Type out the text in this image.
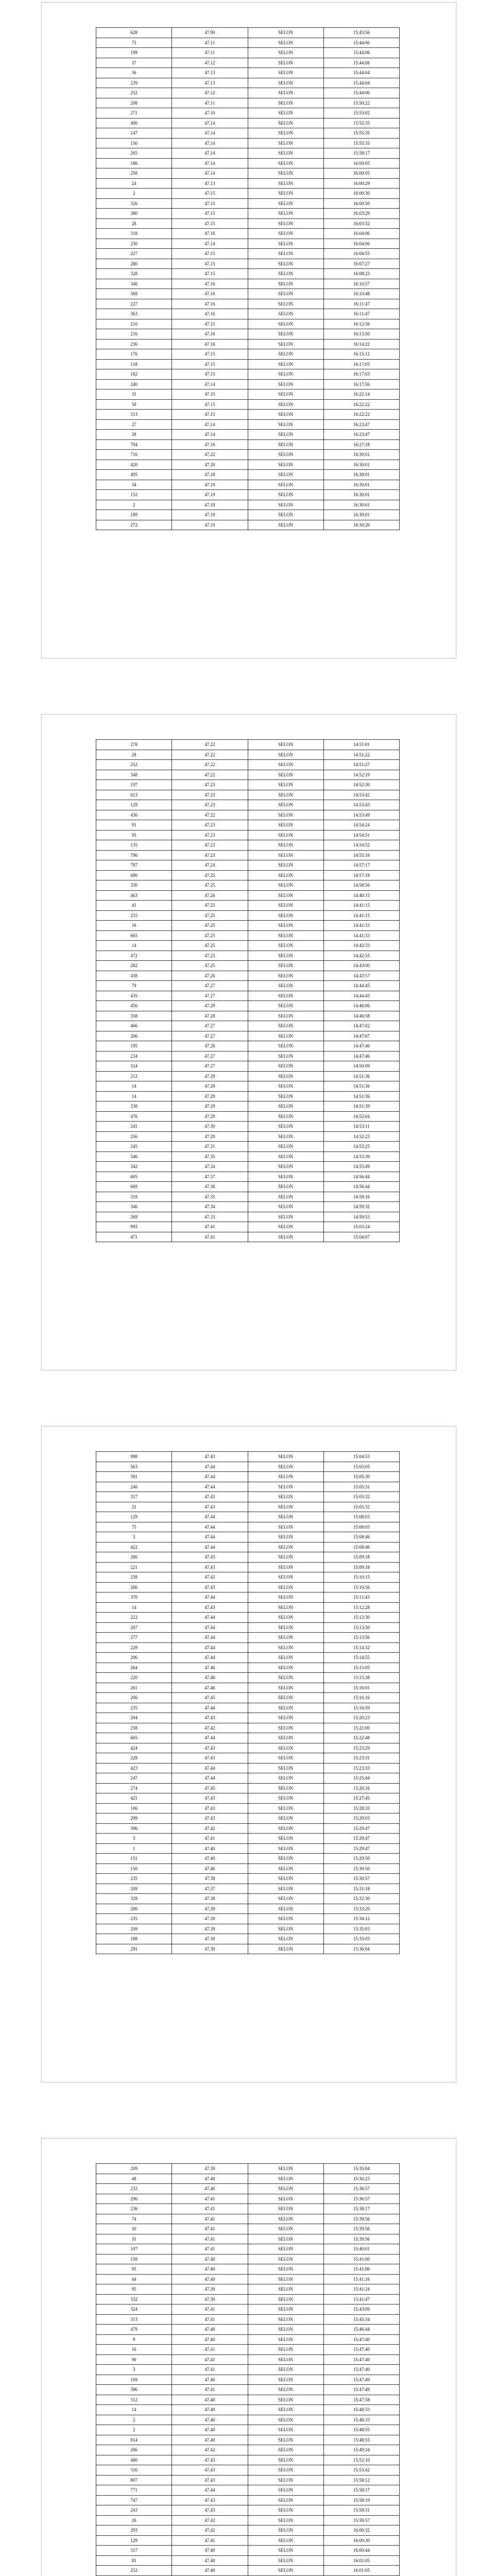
628	47.90	SELON	15:43:56
75	47.11	SELON	15:44:06
199	47.11	SELON	15:44:06
37	47.12	SELON	15:44:08
36	47.13	SELON	15:44:04
239	47.13	SELON	15:44:04
252	47.12	SELON	15:44:06
208	47.11	SELON	15:50:22
271	47.10	SELON	15:55:02
490	47.14	SELON	15:55:35
147	47.14	SELON	15:55:35
156	47.14	SELON	15:55:35
265	47.14	SELON	15:58:17
186	47.14	SELON	16:00:05
258	47.14	SELON	16:00:05
24	47.13	SELON	16:00:29
2	47.15	SELON	16:00:30
326	47.15	SELON	16:00:50
380	47.15	SELON	16:03:29
28	47.15	SELON	16:03:32
318	47.16	SELON	16:04:06
250	47.14	SELON	16:04:06
227	47.15	SELON	16:04:55
280	47.15	SELON	16:07:27
328	47.15	SELON	16:08:23
340	47.16	SELON	16:10:57
369	47.16	SELON	16:10:48
227	47.16	SELON	16:11:47
363	47.16	SELON	16:11:47
210	47.15	SELON	16:12:56
216	47.16	SELON	16:13:50
236	47.16	SELON	16:14:22
176	47.15	SELON	16:15:12
118	47.15	SELON	16:17:03
182	47.15	SELON	16:17:03
240	47.14	SELON	16:17:56
31	47.15	SELON	16:22:14
58	47.15	SELON	16:22:22
313	47.15	SELON	16:22:22
27	47.14	SELON	16:23:47
28	47.14	SELON	16:23:47
794	47.16	SELON	16:27:18
716	47.22	SELON	16:30:01
420	47.20	SELON	16:30:01
495	47.18	SELON	16:30:01
34	47.19	SELON	16:30:01
152	47.19	SELON	16:30:01
2	47.19	SELON	16:30:01
189	47.19	SELON	16:30:01
272	47.19	SELON	16:30:20
278	47.22	SELON	14:51:01
28	47.22	SELON	14:51:22
252	47.22	SELON	14:51:27
348	47.22	SELON	14:52:19
197	47.23	SELON	14:52:30
613	47.23	SELON	14:53:42
129	47.23	SELON	14:53:43
436	47.22	SELON	14:53:49
91	47.23	SELON	14:54:24
95	47.23	SELON	14:54:51
135	47.23	SELON	14:54:52
796	47.23	SELON	14:55:16
797	47.24	SELON	14:57:17
690	47.25	SELON	14:57:18
330	47.25	SELON	14:58:56
463	47.26	SELON	14:40:15
41	47.25	SELON	14:41:15
255	47.25	SELON	14:41:15
16	47.25	SELON	14:41:33
665	47.25	SELON	14:41:33
14	47.25	SELON	14:42:33
472	47.25	SELON	14:42:55
282	47.25	SELON	14:43:00
438	47.26	SELON	14:43:57
79	47.27	SELON	14:44:45
435	47.27	SELON	14:44:45
456	47.29	SELON	14:46:06
358	47.28	SELON	14:46:58
466	47.27	SELON	14:47:02
206	47.27	SELON	14:47:07
195	47.26	SELON	14:47:46
234	47.27	SELON	14:47:46
324	47.27	SELON	14:50:09
212	47.29	SELON	14:51:36
14	47.29	SELON	14:51:36
14	47.29	SELON	14:51:36
338	47.29	SELON	14:51:39
476	47.29	SELON	14:52:04
241	47.30	SELON	14:53:11
256	47.29	SELON	14:52:23
245	47.31	SELON	14:53:25
546	47.35	SELON	14:53:39
342	47.34	SELON	14:55:49
695	47.37	SELON	14:56:44
669	47.36	SELON	14:56:44
319	47.35	SELON	14:59:16
346	47.34	SELON	14:59:32
269	47.33	SELON	14:59:53
993	47.41	SELON	15:03:24
471	47.41	SELON	15:04:07
998	47.43	SELON	15:04:53
563	47.44	SELON	15:05:05
391	47.44	SELON	15:05:30
246	47.44	SELON	15:05:31
317	47.43	SELON	15:05:32
21	47.43	SELON	15:05:32
129	47.44	SELON	15:08:03
75	47.44	SELON	15:08:03
3	47.44	SELON	15:08:46
422	47.44	SELON	15:08:46
266	47.43	SELON	15:09:18
221	47.43	SELON	15:09:18
238	47.42	SELON	15:10:15
266	47.43	SELON	15:10:56
370	47.44	SELON	15:11:43
14	47.43	SELON	15:12:28
222	47.44	SELON	15:12:30
207	47.44	SELON	15:13:50
277	47.44	SELON	15:13:56
229	47.44	SELON	15:14:32
206	47.44	SELON	15:14:55
264	47.46	SELON	15:15:05
220	47.46	SELON	15:15:38
261	47.46	SELON	15:16:01
206	47.45	SELON	15:16:16
235	47.44	SELON	15:16:59
204	47.43	SELON	15:20:23
258	47.42	SELON	15:21:00
665	47.44	SELON	15:22:48
424	47.43	SELON	15:23:29
228	47.43	SELON	15:23:31
423	47.44	SELON	15:23:33
247	47.44	SELON	15:25:44
274	47.45	SELON	15:26:16
421	47.43	SELON	15:27:45
106	47.43	SELON	15:28:33
299	47.43	SELON	15:29:03
396	47.42	SELON	15:29:47
3	47.41	SELON	15:29:47
1	47.40	SELON	15:29:47
151	47.40	SELON	15:29:50
150	47.40	SELON	15:30:50
235	47.38	SELON	15:30:57
209	47.37	SELON	15:31:18
328	47.38	SELON	15:32:30
200	47.39	SELON	15:33:20
235	47.39	SELON	15:34:12
209	47.39	SELON	15:35:03
188	47.39	SELON	15:35:03
291	47.39	SELON	15:36:04
209	47.39	SELON	15:35:04
48	47.40	SELON	15:36:23
232	47.40	SELON	15:36:57
296	47.41	SELON	15:36:57
236	47.41	SELON	15:38:17
74	47.41	SELON	15:39:56
30	47.41	SELON	15:39:56
31	47.41	SELON	15:39:56
107	47.41	SELON	15:40:01
158	47.40	SELON	15:41:00
95	47.40	SELON	15:41:06
44	47.40	SELON	15:41:16
95	47.39	SELON	15:41:24
332	47.39	SELON	15:41:47
324	47.41	SELON	15:43:09
313	47.41	SELON	15:45:34
479	47.40	SELON	15:46:44
9	47.40	SELON	15:47:40
16	47.41	SELON	15:47:40
90	47.41	SELON	15:47:40
3	47.41	SELON	15:47:40
109	47.40	SELON	15:47:49
396	47.41	SELON	15:47:49
312	47.40	SELON	15:47:58
14	47.40	SELON	15:48:33
2	47.40	SELON	15:48:33
2	47.40	SELON	15:48:55
814	47.40	SELON	15:48:55
266	47.42	SELON	15:49:34
480	47.43	SELON	15:52:10
316	47.43	SELON	15:53:42
807	47.43	SELON	15:58:12
771	47.44	SELON	15:58:17
747	47.43	SELON	15:58:19
243	47.43	SELON	15:58:31
26	47.42	SELON	15:59:57
293	47.42	SELON	16:00:32
129	47.41	SELON	16:00:30
317	47.40	SELON	16:00:44
81	47.40	SELON	16:01:05
252	47.40	SELON	16:01:05
